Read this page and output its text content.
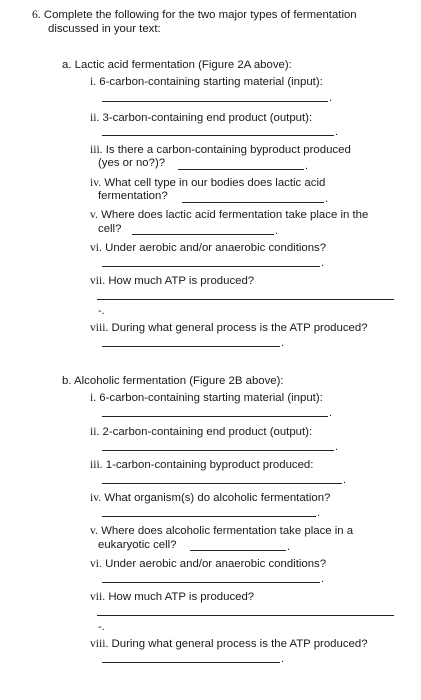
6. Complete the following for the two major types of fermentation
discussed in your text:
a. Lactic acid fermentation (Figure 2A above):
i. 6-carbon-containing starting material (input):
.
ii. 3-carbon-containing end product (output):
.
iii. Is there a carbon-containing byproduct produced
(yes or no?)?	.
iv. What cell type in our bodies does lactic acid
fermentation?	.
v. Where does lactic acid fermentation take place in the
cell?	.
vi. Under aerobic and/or anaerobic conditions?
.
vii. How much ATP is produced?
-.
viii. During what general process is the ATP produced?
.
b. Alcoholic fermentation (Figure 2B above):
i. 6-carbon-containing starting material (input):
.
ii. 2-carbon-containing end product (output):
.
iii. 1-carbon-containing byproduct produced:
.
iv. What organism(s) do alcoholic fermentation?
.
v. Where does alcoholic fermentation take place in a
eukaryotic cell?	.
vi. Under aerobic and/or anaerobic conditions?
.
vii. How much ATP is produced?
-.
viii. During what general process is the ATP produced?
.
